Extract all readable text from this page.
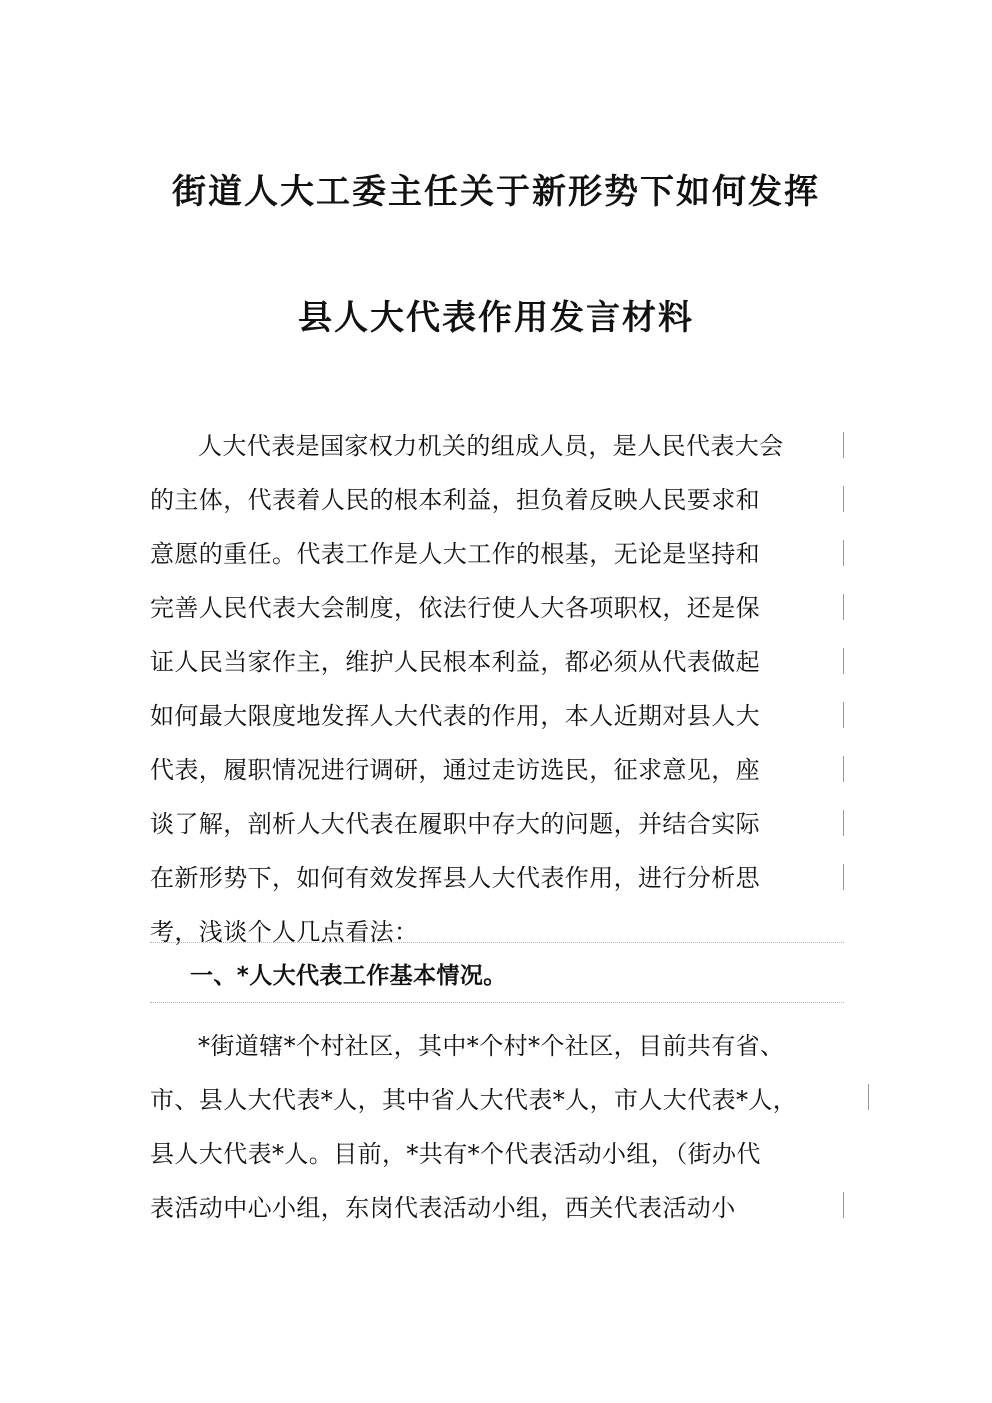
街道人大工委主任关于新形势下如何发挥
县人大代表作用发言材料
人大代表是国家权力机关的组成人员，是人民代表大会
的主体，代表着人民的根本利益，担负着反映人民要求和
意愿的重任。代表工作是人大工作的根基，无论是坚持和
完善人民代表大会制度，依法行使人大各项职权，还是保
证人民当家作主，维护人民根本利益，都必须从代表做起
如何最大限度地发挥人大代表的作用，本人近期对县人大
代表，履职情况进行调研，通过走访选民，征求意见，座
谈了解，剖析人大代表在履职中存大的问题，并结合实际
在新形势下，如何有效发挥县人大代表作用，进行分析思
考，浅谈个人几点看法：
一、*人大代表工作基本情况。
*街道辖*个村社区，其中*个村*个社区，目前共有省、
市、县人大代表*人，其中省人大代表*人，市人大代表*人，
县人大代表*人。目前，*共有*个代表活动小组，（街办代
表活动中心小组，东岗代表活动小组，西关代表活动小
